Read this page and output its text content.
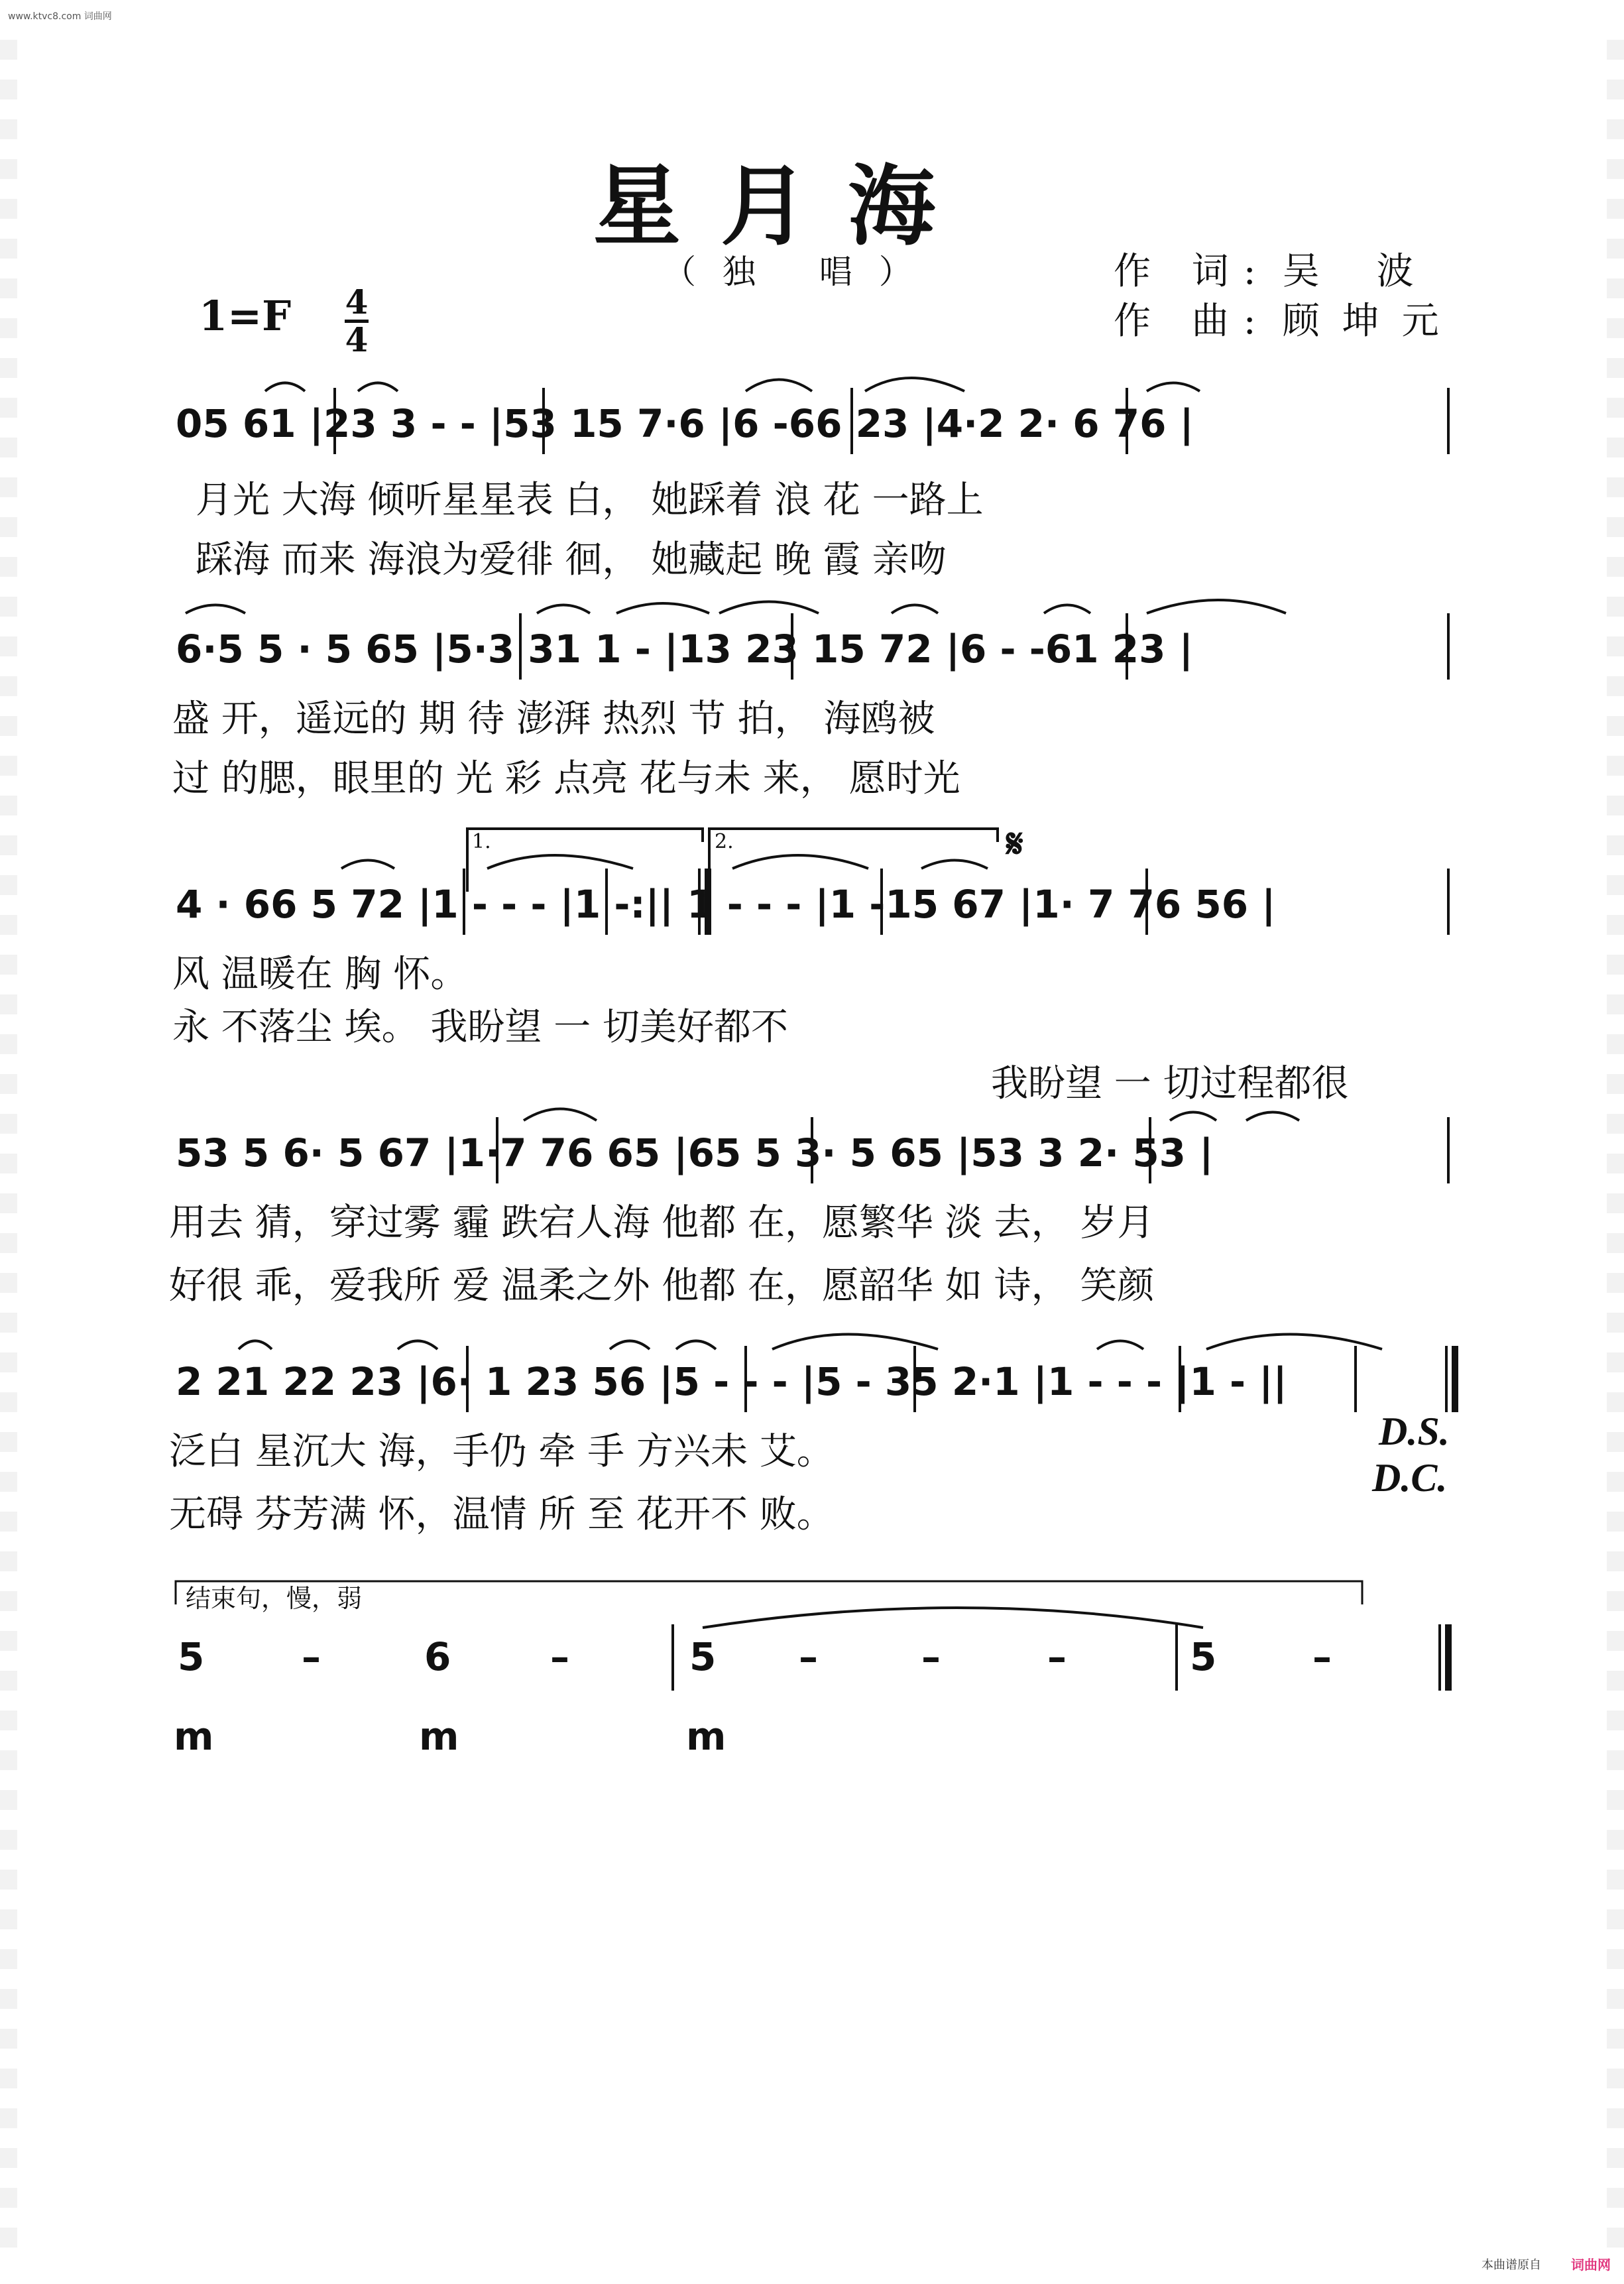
www.ktvc8.com 词曲网
星月海
（独 唱）	作 词: 吴 波
作 曲: 顾坤元
1=F 4
4
05 61 |23 3 - - |53 15 7·6 |6 -66 23 |4·2 2· 6 76 |
月光 大海 倾听星星表 白， 她踩着 浪 花 一路上
踩海 而来 海浪为爱徘 徊， 她藏起 晚 霞 亲吻
6·5 5 · 5 65 |5·3 31 1 - |13 23 15 72 |6 - -61 23 |
盛 开，遥远的 期 待 澎湃 热烈 节 拍， 海鸥被
过 的腮，眼里的 光 彩 点亮 花与未 来， 愿时光
1.	2.	𝄋
4 · 66 5 72 |1 - - - |1 -:|| 1 - - - |1 -15 67 |1· 7 76 56 |
风 温暖在 胸 怀。
永 不落尘 埃。 我盼望 一 切美好都不
我盼望 一 切过程都很
53 5 6· 5 67 |1·7 76 65 |65 5 3· 5 65 |53 3 2· 53 |
用去 猜，穿过雾 霾 跌宕人海 他都 在，愿繁华 淡 去， 岁月
好很 乖，爱我所 爱 温柔之外 他都 在，愿韶华 如 诗， 笑颜
2 21 22 23 |6· 1 23 56 |5 - - - |5 - 35 2·1 |1 - - - |1 - ||
泛白 星沉大 海，手仍 牵 手 方兴未 艾。
无碍 芬芳满 怀，温情 所 至 花开不 败。
D.S.
D.C.
结束句，慢，弱
5	–	6	–	5 –	–	–	5 –
m	m	m
本曲谱原自 词曲网
